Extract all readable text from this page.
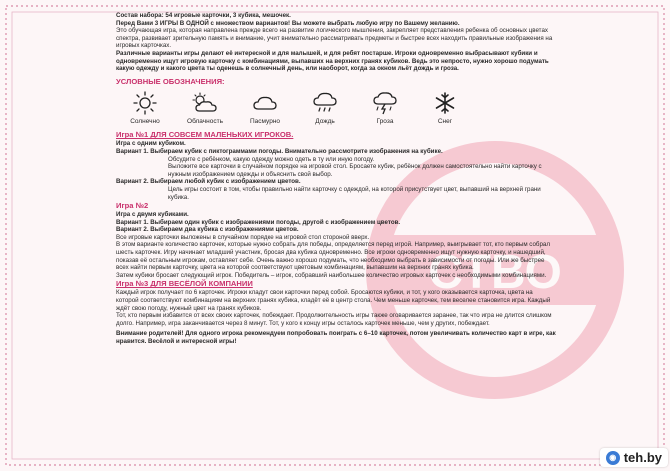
СТВО

Состав набора: 54 игровые карточки, 3 кубика, мешочек.

Перед Вами 3 ИГРЫ В ОДНОЙ с множеством вариантов! Вы можете выбрать любую игру по Вашему желанию.

Это обучающая игра, которая направлена прежде всего на развитие логического мышления, закрепляет представления ребенка об основных цветах спектра, развивает зрительную память и внимание, учит внимательно рассматривать предметы и быстрее всех находить правильные изображения на игровых карточках.

Различные варианты игры делают её интересной и для малышей, и для ребят постарше. Игроки одновременно выбрасывают кубики и одновременно ищут игровую карточку с комбинациями, выпавших на верхних гранях кубиков. Ведь это непросто, нужно хорошо подумать какую одежду и какого цвета ты оденешь в солнечный день, или наоборот, когда за окном льёт дождь и гроза.

УСЛОВНЫЕ ОБОЗНАЧЕНИЯ:

Солнечно	Облачность	Пасмурно	Дождь	Гроза	Снег

Игра №1 ДЛЯ СОВСЕМ МАЛЕНЬКИХ ИГРОКОВ.

Игра с одним кубиком.

Вариант 1. Выбираем кубик с пиктограммами погоды. Внимательно рассмотрите изображения на кубике.

Обсудите с ребёнком, какую одежду можно одеть в ту или иную погоду.

Выложите все карточки в случайном порядке на игровой стол. Бросаете кубик, ребёнок должен самостоятельно найти карточку с нужным изображением одежды и объяснить свой выбор.

Вариант 2. Выбираем любой кубик с изображением цветов.

Цель игры состоит в том, чтобы правильно найти карточку с одеждой, на которой присутствует цвет, выпавший на верхней грани кубика.

Игра №2

Игра с двумя кубиками.

Вариант 1. Выбираем один кубик с изображениями погоды, другой с изображением цветов.

Вариант 2. Выбираем два кубика с изображениями цветов.

Все игровые карточки выложены в случайном порядке на игровой стол стороной вверх.

В этом варианте количество карточек, которые нужно собрать для победы, определяется перед игрой. Например, выигрывает тот, кто первым собрал шесть карточек. Игру начинает младший участник, бросая два кубика одновременно. Все игроки одновременно ищут нужную карточку, и нашедший, показав её остальным игрокам, оставляет себе. Очень важно хорошо подумать, что необходимо выбрать в зависимости от погоды. Или же быстрее всех найти первым карточку, цвета на которой соответствуют цветовым комбинациям, выпавшим на верхних гранях кубика.

Затем кубики бросает следующий игрок. Победитель – игрок, собравший наибольшее количество игровых карточек с необходимыми комбинациями.

Игра №3 ДЛЯ ВЕСЁЛОЙ КОМПАНИИ

Каждый игрок получает по 6 карточек. Игроки кладут свои карточки перед собой. Бросаются кубики, и тот, у кого оказывается карточка, цвета на которой соответствуют комбинациям на верхних гранях кубика, кладёт её в центр стола. Чем меньше карточек, тем веселее становится игра. Каждый ждёт свою погоду, нужный цвет на гранях кубиков.

Тот, кто первым избавится от всех своих карточек, побеждает. Продолжительность игры также оговаривается заранее, так что игра не длится слишком долго. Например, игра заканчивается через 8 минут. Тот, у кого к концу игры осталось карточек меньше, чем у других, побеждает.

Внимание родителей! Для одного игрока рекомендуем попробовать поиграть с 6–10 карточек, потом увеличивать количество карт в игре, как нравится. Весёлой и интересной игры!

◉ teh.by
